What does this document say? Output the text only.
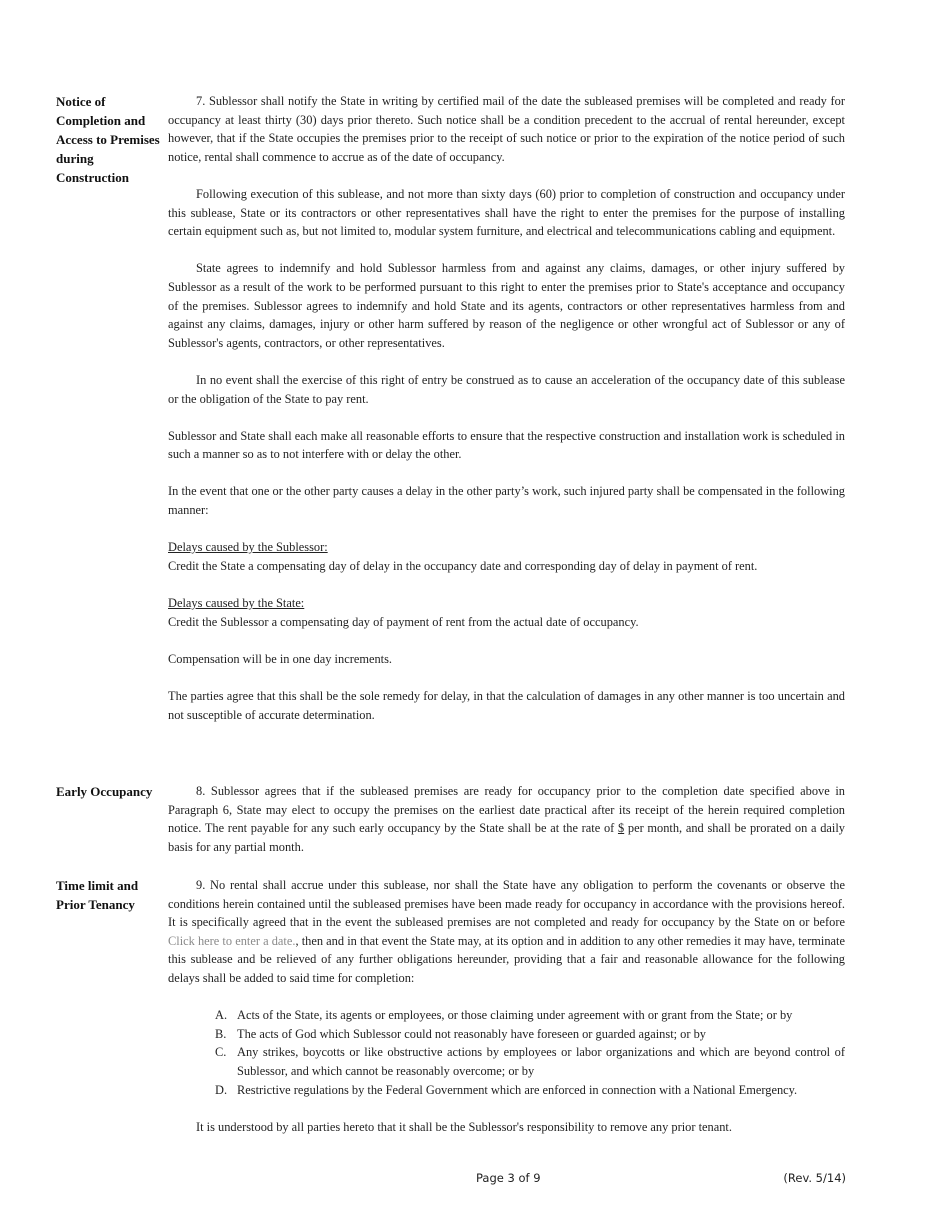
Notice of Completion and Access to Premises during Construction

7. Sublessor shall notify the State in writing by certified mail of the date the subleased premises will be completed and ready for occupancy at least thirty (30) days prior thereto. Such notice shall be a condition precedent to the accrual of rental hereunder, except however, that if the State occupies the premises prior to the receipt of such notice or prior to the expiration of the notice period of such notice, rental shall commence to accrue as of the date of occupancy.

Following execution of this sublease, and not more than sixty days (60) prior to completion of construction and occupancy under this sublease, State or its contractors or other representatives shall have the right to enter the premises for the purpose of installing certain equipment such as, but not limited to, modular system furniture, and electrical and telecommunications cabling and equipment.

State agrees to indemnify and hold Sublessor harmless from and against any claims, damages, or other injury suffered by Sublessor as a result of the work to be performed pursuant to this right to enter the premises prior to State's acceptance and occupancy of the premises. Sublessor agrees to indemnify and hold State and its agents, contractors or other representatives harmless from and against any claims, damages, injury or other harm suffered by reason of the negligence or other wrongful act of Sublessor or any of Sublessor's agents, contractors, or other representatives.

In no event shall the exercise of this right of entry be construed as to cause an acceleration of the occupancy date of this sublease or the obligation of the State to pay rent.

Sublessor and State shall each make all reasonable efforts to ensure that the respective construction and installation work is scheduled in such a manner so as to not interfere with or delay the other.

In the event that one or the other party causes a delay in the other party’s work, such injured party shall be compensated in the following manner:

Delays caused by the Sublessor:
Credit the State a compensating day of delay in the occupancy date and corresponding day of delay in payment of rent.

Delays caused by the State:
Credit the Sublessor a compensating day of payment of rent from the actual date of occupancy.

Compensation will be in one day increments.

The parties agree that this shall be the sole remedy for delay, in that the calculation of damages in any other manner is too uncertain and not susceptible of accurate determination.

Early Occupancy	8. Sublessor agrees that if the subleased premises are ready for occupancy prior to the completion date specified above in Paragraph 6, State may elect to occupy the premises on the earliest date practical after its receipt of the herein required completion notice. The rent payable for any such early occupancy by the State shall be at the rate of $ per month, and shall be prorated on a daily basis for any partial month.

Time limit and Prior Tenancy

9. No rental shall accrue under this sublease, nor shall the State have any obligation to perform the covenants or observe the conditions herein contained until the subleased premises have been made ready for occupancy in accordance with the provisions hereof. It is specifically agreed that in the event the subleased premises are not completed and ready for occupancy by the State on or before Click here to enter a date., then and in that event the State may, at its option and in addition to any other remedies it may have, terminate this sublease and be relieved of any further obligations hereunder, providing that a fair and reasonable allowance for the following delays shall be added to said time for completion:

A. Acts of the State, its agents or employees, or those claiming under agreement with or grant from the State; or by
B. The acts of God which Sublessor could not reasonably have foreseen or guarded against; or by
C. Any strikes, boycotts or like obstructive actions by employees or labor organizations and which are beyond control of Sublessor, and which cannot be reasonably overcome; or by
D. Restrictive regulations by the Federal Government which are enforced in connection with a National Emergency.

It is understood by all parties hereto that it shall be the Sublessor's responsibility to remove any prior tenant.

Page 3 of 9	(Rev. 5/14)
